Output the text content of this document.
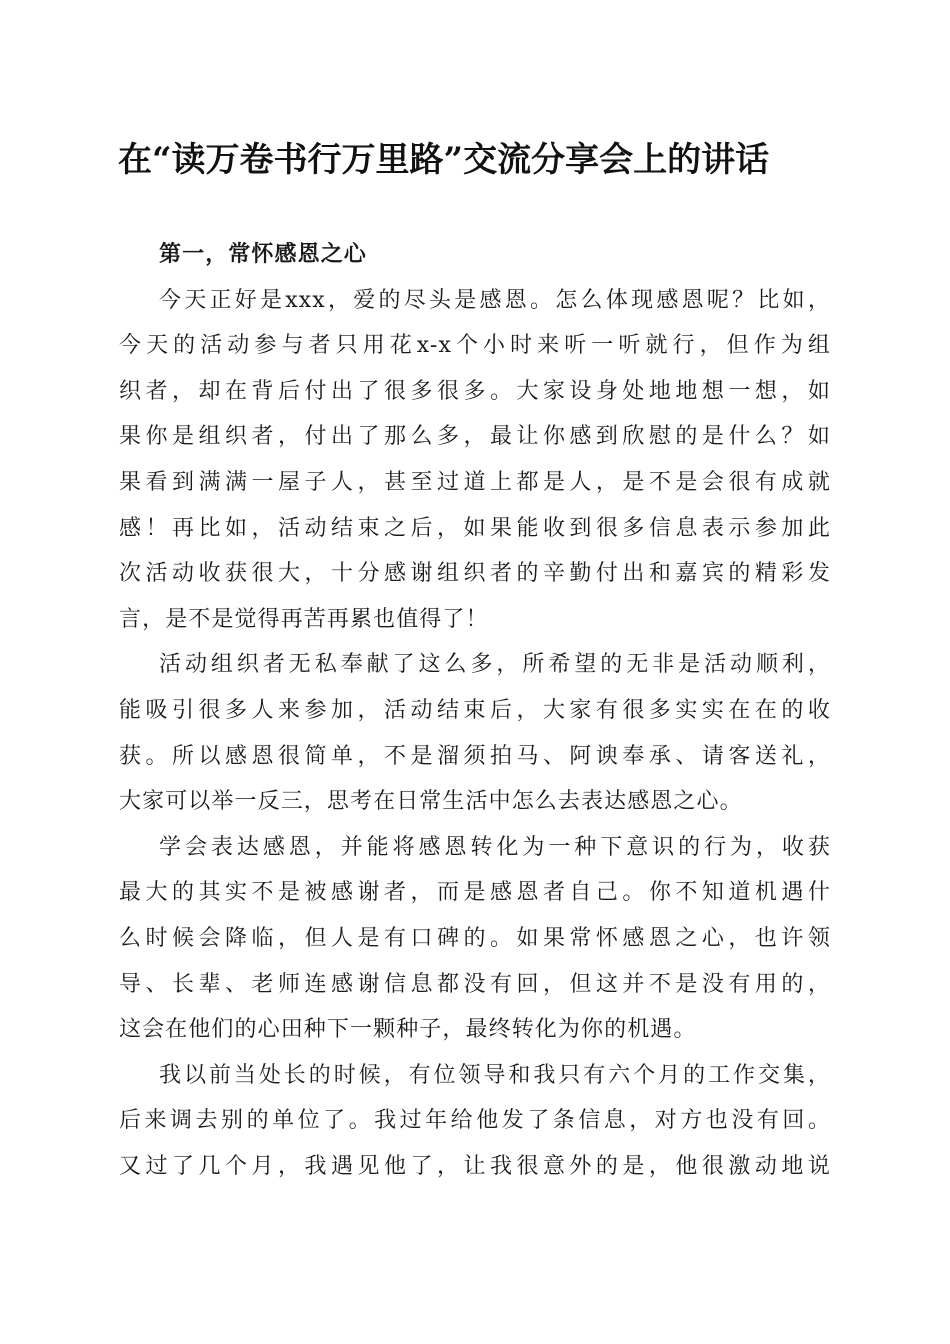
在“读万卷书行万里路”交流分享会上的讲话

第一，常怀感恩之心

今天正好是xxx，爱的尽头是感恩。怎么体现感恩呢？比如，
今天的活动参与者只用花x-x个小时来听一听就行，但作为组
织者，却在背后付出了很多很多。大家设身处地地想一想，如
果你是组织者，付出了那么多，最让你感到欣慰的是什么？如
果看到满满一屋子人，甚至过道上都是人，是不是会很有成就
感！再比如，活动结束之后，如果能收到很多信息表示参加此
次活动收获很大，十分感谢组织者的辛勤付出和嘉宾的精彩发
言，是不是觉得再苦再累也值得了！

活动组织者无私奉献了这么多，所希望的无非是活动顺利，
能吸引很多人来参加，活动结束后，大家有很多实实在在的收
获。所以感恩很简单，不是溜须拍马、阿谀奉承、请客送礼，
大家可以举一反三，思考在日常生活中怎么去表达感恩之心。

学会表达感恩，并能将感恩转化为一种下意识的行为，收获
最大的其实不是被感谢者，而是感恩者自己。你不知道机遇什
么时候会降临，但人是有口碑的。如果常怀感恩之心，也许领
导、长辈、老师连感谢信息都没有回，但这并不是没有用的，
这会在他们的心田种下一颗种子，最终转化为你的机遇。

我以前当处长的时候，有位领导和我只有六个月的工作交集，
后来调去别的单位了。我过年给他发了条信息，对方也没有回。
又过了几个月，我遇见他了，让我很意外的是，他很激动地说
